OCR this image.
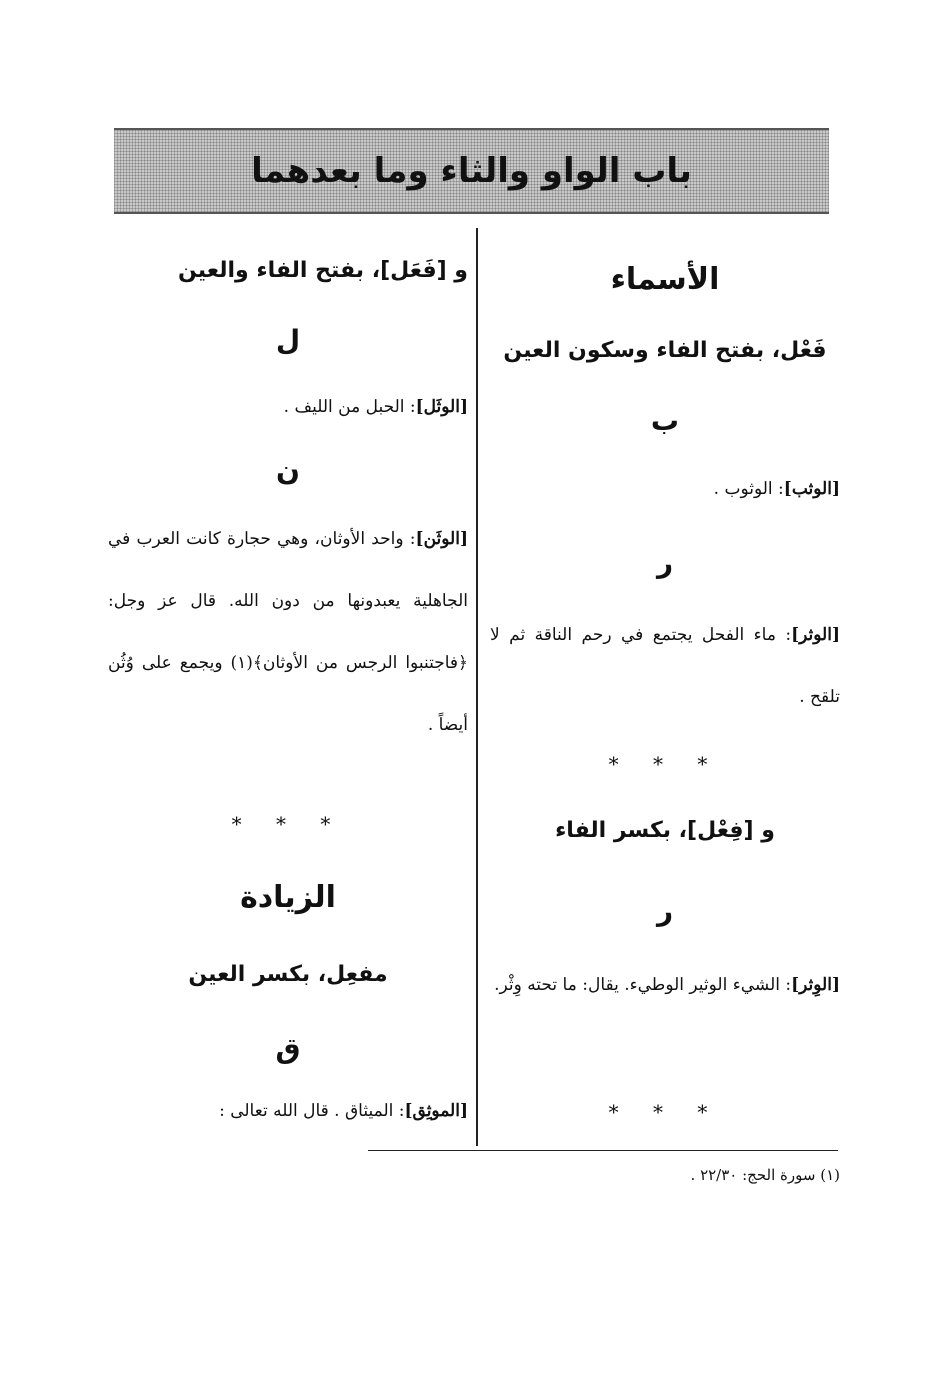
باب الواو والثاء وما بعدهما

الأسماء

فَعْل، بفتح الفاء وسكون العين

ب

[الوثب]: الوثوب .

ر

[الوثر]: ماء الفحل يجتمع في رحم الناقة ثم لا تلقح .

* * *

و [فِعْل]، بكسر الفاء

ر

[الوِثر]: الشيء الوثير الوطيء. يقال: ما تحته وِثْر.

* * *

و [فَعَل]، بفتح الفاء والعين

ل

[الوثَل]: الحبل من الليف .

ن

[الوثَن]: واحد الأوثان، وهي حجارة كانت العرب في الجاهلية يعبدونها من دون الله. قال عز وجل: ﴿فاجتنبوا الرجس من الأوثان﴾(١) ويجمع على وُثُن أيضاً .

* * *

الزيادة

مفعِل، بكسر العين

ق

[الموثِق]: الميثاق . قال الله تعالى :

(١) سورة الحج: ٢٢/٣٠ .
